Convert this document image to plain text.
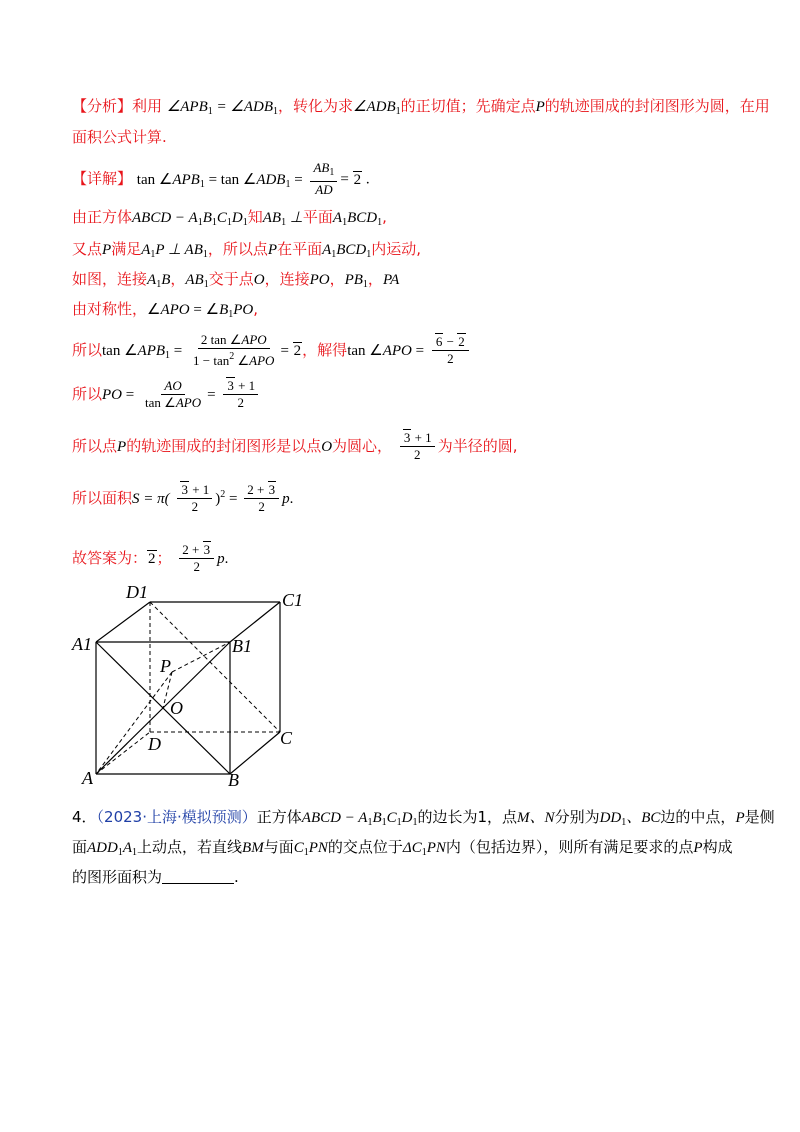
【分析】利用 $\angle APB_1$ = $\angle ADB_1$，转化为求$\angle ADB_1$的正切值；先确定点P的轨迹围成的封闭图形为圆，在用
面积公式计算.
【详解】 $\tan \angle APB_1 = \tan$ $\angle ADB_1 = \frac{AB_1}{AD} = 2$ .
由正方体ABCD − $A_1B_1C_1D_1$知$AB_1$ ⊥平面$A_1BCD_1$,
又点P满足$A_1P$ ⊥ $AB_1$，所以点P在平面$A_1BCD_1$内运动,
如图，连接$A_1B$，$AB_1$交于点O，连接PO，$PB_1$，PA
由对称性，∠APO = $\angle B_1PO$,
所以$\tan \angle APB_1 = \frac{\text{2 tan ∠APO}}{1 - \tan^2 \angle APO} = 2$，解得tan ∠APO = $\frac{6 - 2}{2}$
所以PO = $\frac{AO}{\text{tan ∠APO}} = \frac{3 + 1}{2}$
所以点P的轨迹围成的封闭图形是以点O为圆心， $\frac{3 + 1}{2}$ 为半径的圆,
所以面积$S = \pi( \frac{3 + 1}{2} )^2 = \frac{2 + 3}{2} p$.
故答案为：2； $\frac{2 + 3}{2} p$.
D1	C1
A1	B1
P
O
D	C
A	B
4．（2023·上海·模拟预测）正方体ABCD − $A_1B_1C_1D_1$的边长为1，点M、N分别为$DD_1$、BC边的中点，P是侧
面$ADD_1A_1$上动点，若直线BM与面$C_1PN$的交点位于$\Delta C_1PN$内（包括边界），则所有满足要求的点P构成
的图形面积为	.
